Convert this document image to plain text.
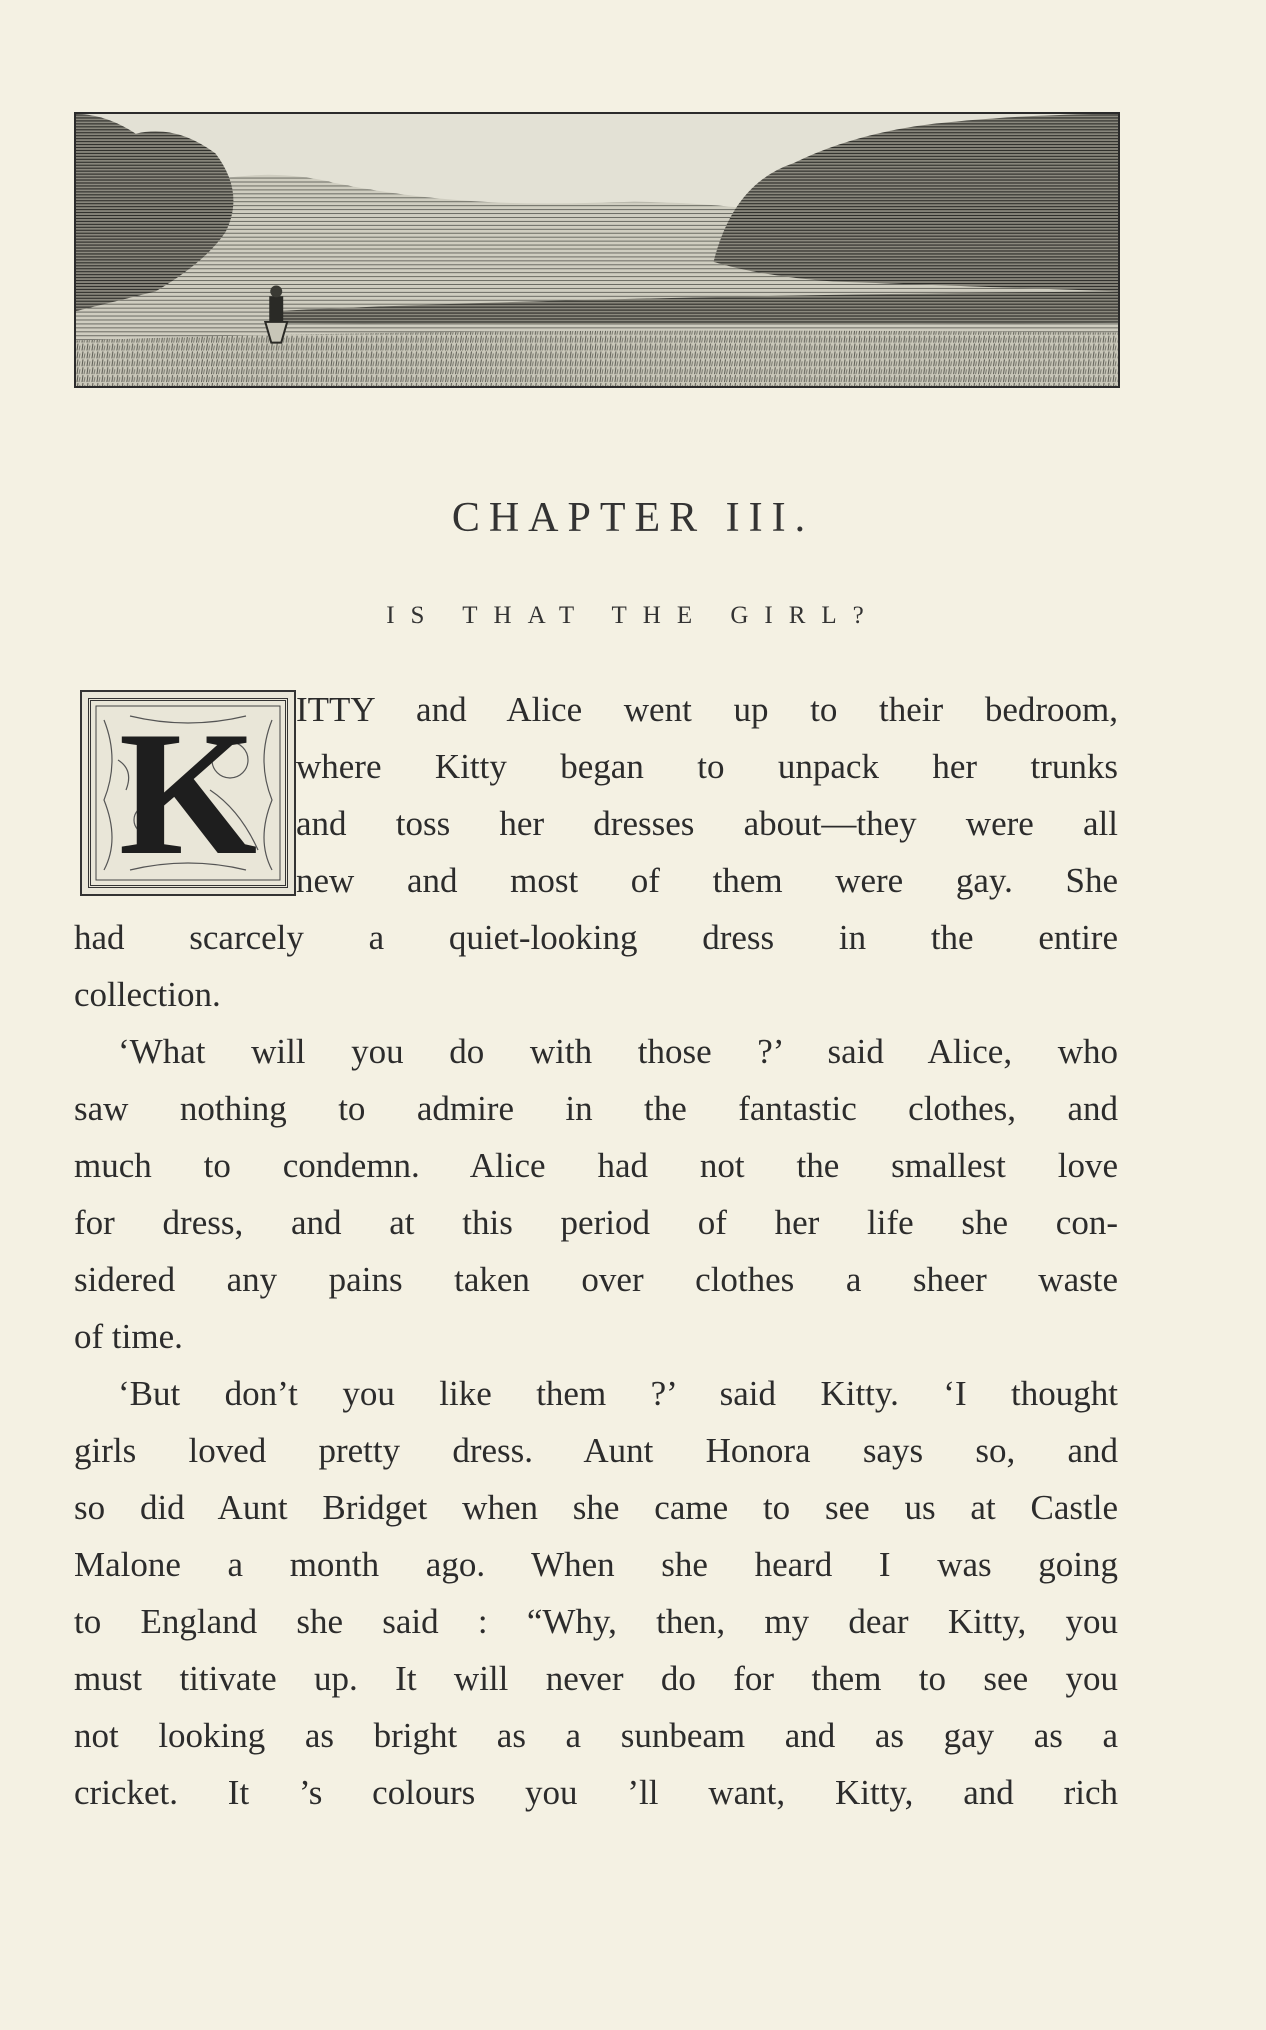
CHAPTER III.
IS THAT THE GIRL?
K	ITTY and Alice went up to their bedroom,
where Kitty began to unpack her trunks
and toss her dresses about—they were all
new and most of them were gay. She
had scarcely a quiet-looking dress in the entire
collection.
‘What will you do with those ?’ said Alice, who
saw nothing to admire in the fantastic clothes, and
much to condemn. Alice had not the smallest love
for dress, and at this period of her life she con-
sidered any pains taken over clothes a sheer waste
of time.
‘But don’t you like them ?’ said Kitty. ‘I thought
girls loved pretty dress. Aunt Honora says so, and
so did Aunt Bridget when she came to see us at Castle
Malone a month ago. When she heard I was going
to England she said : “Why, then, my dear Kitty, you
must titivate up. It will never do for them to see you
not looking as bright as a sunbeam and as gay as a
cricket. It ’s colours you ’ll want, Kitty, and rich
